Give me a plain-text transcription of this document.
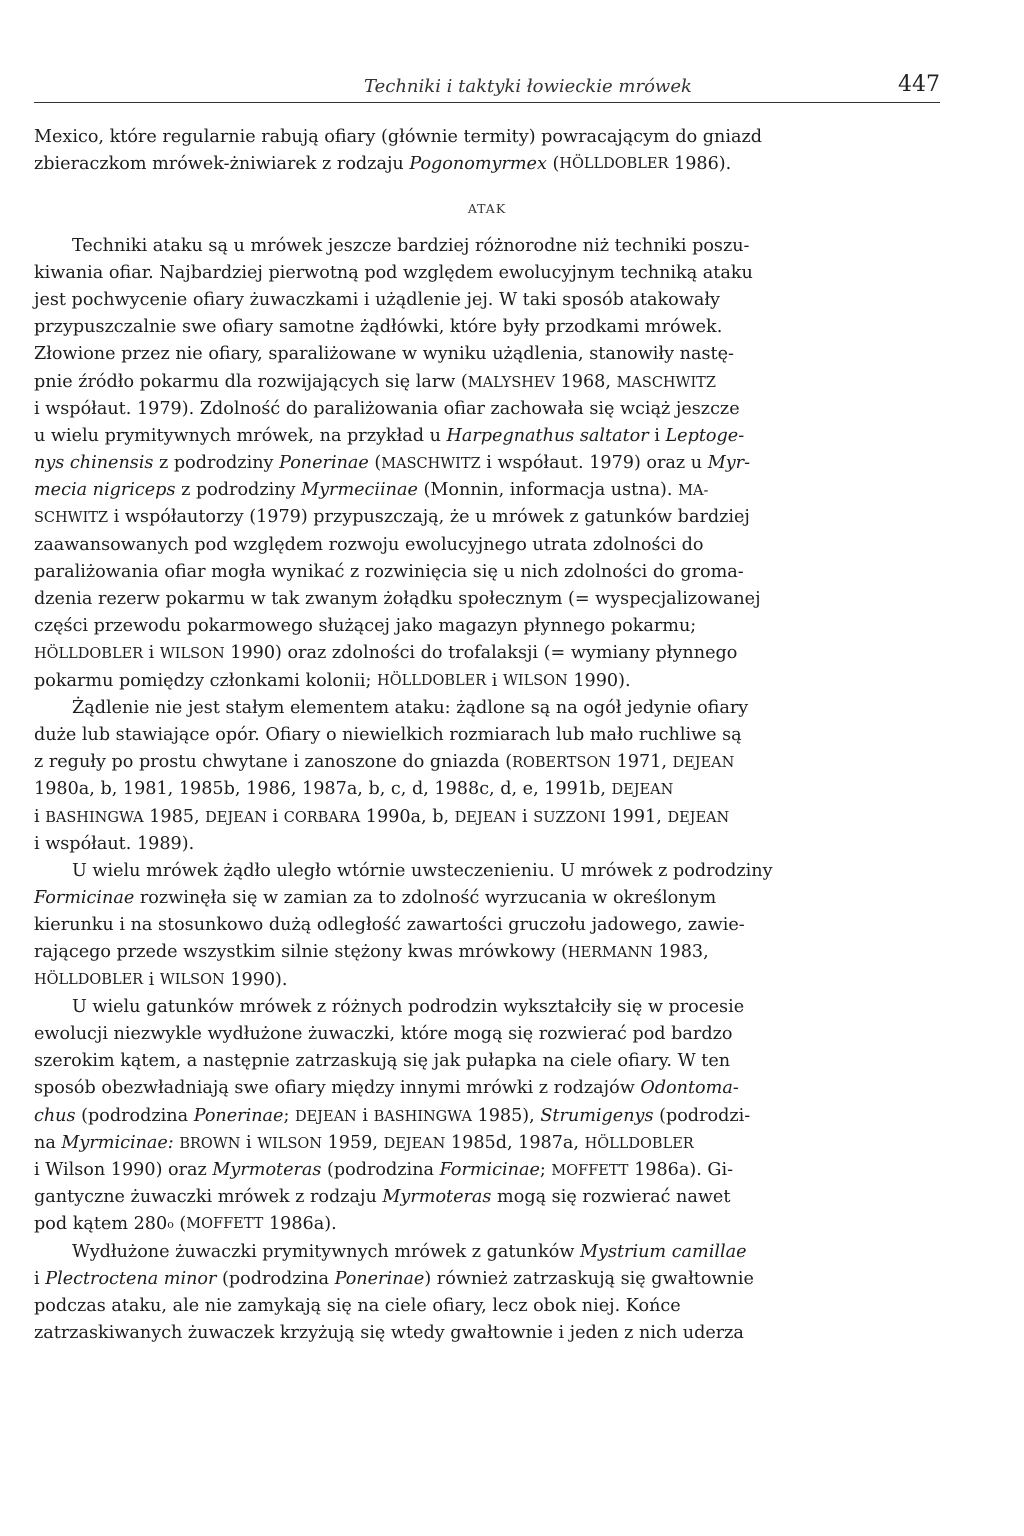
Techniki i taktyki łowieckie mrówek	447
Mexico, które regularnie rabują ofiary (głównie termity) powracającym do gniazd
zbieraczkom mrówek-żniwiarek z rodzaju Pogonomyrmex ( HÖLLDOBLER 1986).
ATAK
Techniki ataku są u mrówek jeszcze bardziej różnorodne niż techniki poszu-
kiwania ofiar. Najbardziej pierwotną pod względem ewolucyjnym techniką ataku
jest pochwycenie ofiary żuwaczkami i użądlenie jej. W taki sposób atakowały
przypuszczalnie swe ofiary samotne żądłówki, które były przodkami mrówek.
Złowione przez nie ofiary, sparaliżowane w wyniku użądlenia, stanowiły nastę-
pnie źródło pokarmu dla rozwijających się larw (MALYSHEV 1968, MASCHWITZ
i współaut. 1979). Zdolność do paraliżowania ofiar zachowała się wciąż jeszcze
u wielu prymitywnych mrówek, na przykład u Harpegnathus saltator i Leptoge-
nys chinensis z podrodziny Ponerinae (MASCHWITZ i współaut. 1979) oraz u Myr-
mecia nigriceps z podrodziny Myrmeciinae (Monnin, informacja ustna). MA-
SCHWITZ i współautorzy (1979) przypuszczają, że u mrówek z gatunków bardziej
zaawansowanych pod względem rozwoju ewolucyjnego utrata zdolności do
paraliżowania ofiar mogła wynikać z rozwinięcia się u nich zdolności do groma-
dzenia rezerw pokarmu w tak zwanym żołądku społecznym (= wyspecjalizowanej
części przewodu pokarmowego służącej jako magazyn płynnego pokarmu;
HÖLLDOBLER i WILSON 1990) oraz zdolności do trofalaksji (= wymiany płynnego
pokarmu pomiędzy członkami kolonii; HÖLLDOBLER i WILSON 1990).
Żądlenie nie jest stałym elementem ataku: żądlone są na ogół jedynie ofiary
duże lub stawiające opór. Ofiary o niewielkich rozmiarach lub mało ruchliwe są
z reguły po prostu chwytane i zanoszone do gniazda (ROBERTSON 1971, DEJEAN
1980a, b, 1981, 1985b, 1986, 1987a, b, c, d, 1988c, d, e, 1991b, DEJEAN
i BASHINGWA 1985, DEJEAN i CORBARA 1990a, b, DEJEAN i SUZZONI 1991, DEJEAN
i współaut. 1989).
U wielu mrówek żądło uległo wtórnie uwsteczenieniu. U mrówek z podrodziny
Formicinae rozwinęła się w zamian za to zdolność wyrzucania w określonym
kierunku i na stosunkowo dużą odległość zawartości gruczołu jadowego, zawie-
rającego przede wszystkim silnie stężony kwas mrówkowy (HERMANN 1983,
HÖLLDOBLER i WILSON 1990).
U wielu gatunków mrówek z różnych podrodzin wykształciły się w procesie
ewolucji niezwykle wydłużone żuwaczki, które mogą się rozwierać pod bardzo
szerokim kątem, a następnie zatrzaskują się jak pułapka na ciele ofiary. W ten
sposób obezwładniają swe ofiary między innymi mrówki z rodzajów Odontoma-
chus (podrodzina Ponerinae; DEJEAN i BASHINGWA 1985), Strumigenys (podrodzi-
na Myrmicinae: BROWN i WILSON 1959, DEJEAN 1985d, 1987a, HÖLLDOBLER
i Wilson 1990) oraz Myrmoteras (podrodzina Formicinae; MOFFETT 1986a). Gi-
gantyczne żuwaczki mrówek z rodzaju Myrmoteras mogą się rozwierać nawet
pod kątem 280 o ( MOFFETT 1986a).
Wydłużone żuwaczki prymitywnych mrówek z gatunków Mystrium camillae
i Plectroctena minor (podrodzina Ponerinae) również zatrzaskują się gwałtownie
podczas ataku, ale nie zamykają się na ciele ofiary, lecz obok niej. Końce
zatrzaskiwanych żuwaczek krzyżują się wtedy gwałtownie i jeden z nich uderza
